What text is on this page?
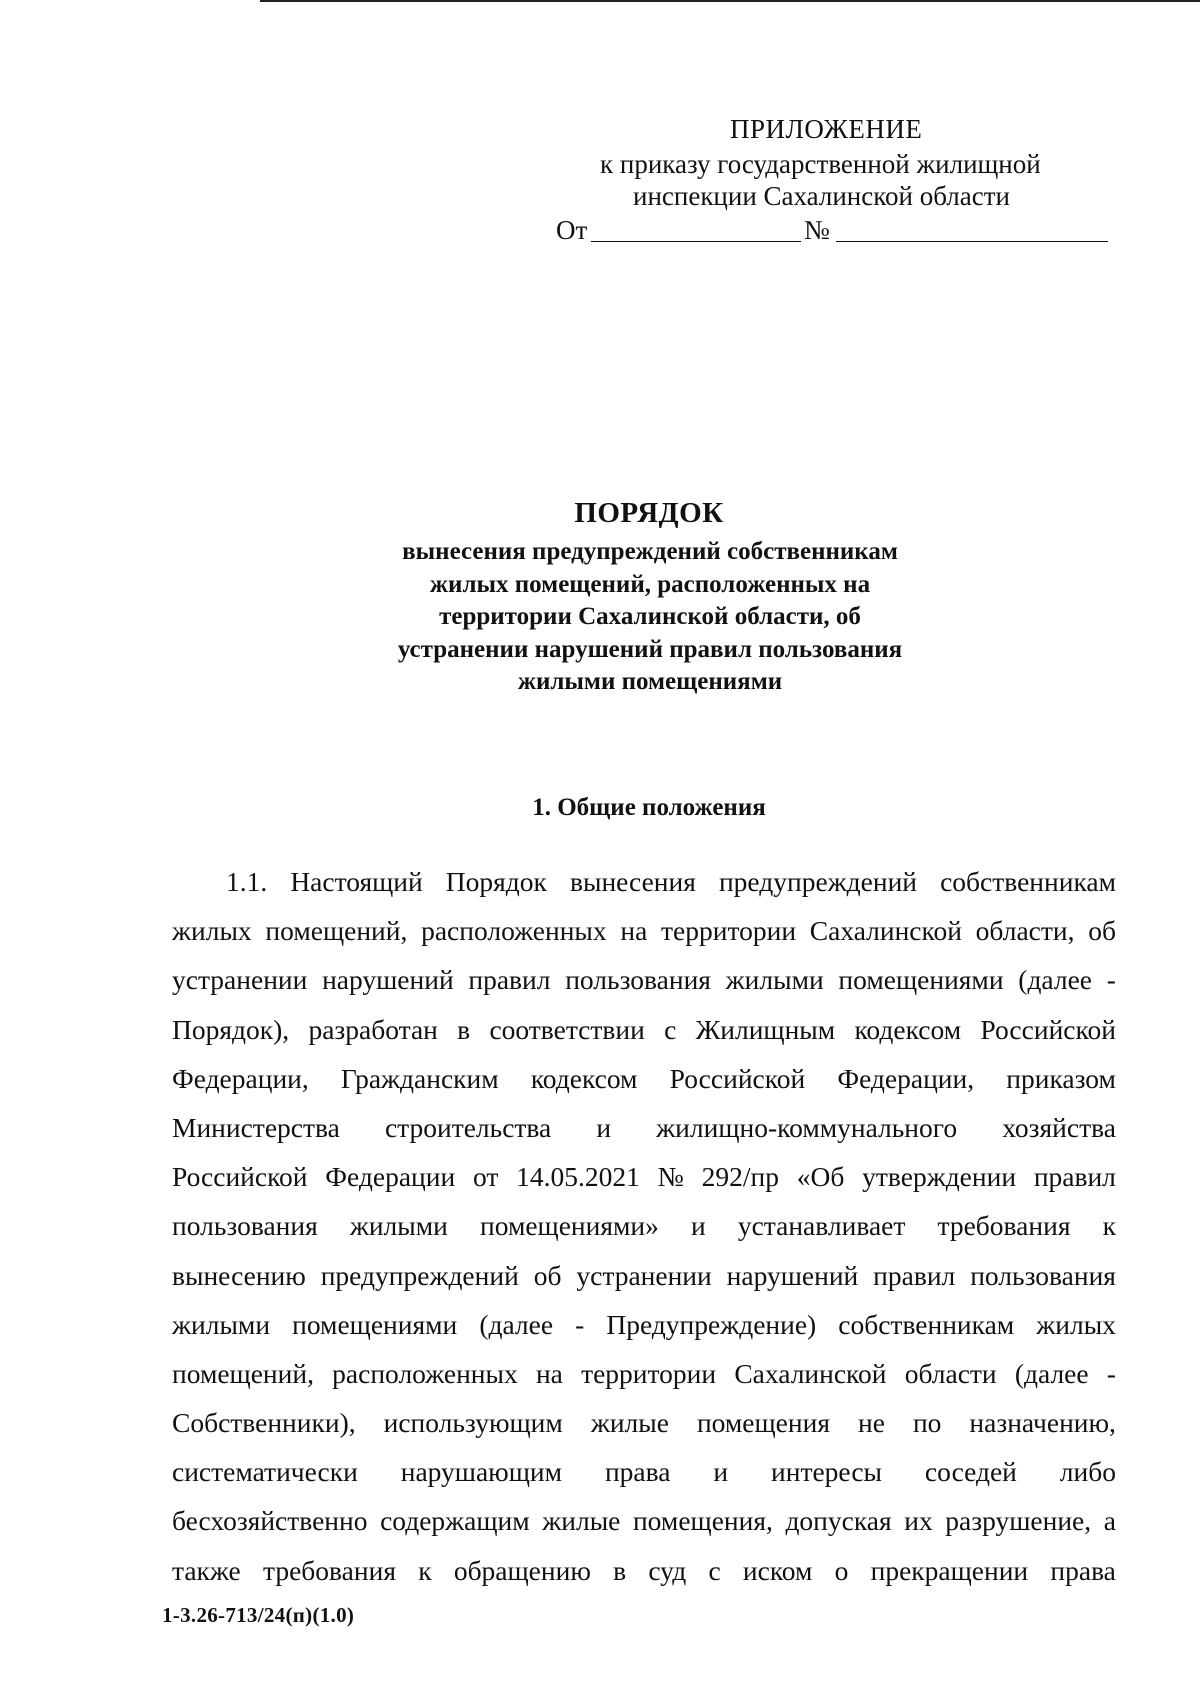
ПРИЛОЖЕНИЕ
к приказу государственной жилищной
инспекции Сахалинской области
От	№
ПОРЯДОК
вынесения предупреждений собственникам
жилых помещений, расположенных на
территории Сахалинской области, об
устранении нарушений правил пользования
жилыми помещениями
1. Общие положения
1.1. Настоящий Порядок вынесения предупреждений собственникам
жилых помещений, расположенных на территории Сахалинской области, об
устранении нарушений правил пользования жилыми помещениями (далее -
Порядок), разработан в соответствии с Жилищным кодексом Российской
Федерации, Гражданским кодексом Российской Федерации, приказом
Министерства строительства и жилищно-коммунального хозяйства
Российской Федерации от 14.05.2021 № 292/пр «Об утверждении правил
пользования жилыми помещениями» и устанавливает требования к
вынесению предупреждений об устранении нарушений правил пользования
жилыми помещениями (далее - Предупреждение) собственникам жилых
помещений, расположенных на территории Сахалинской области (далее -
Собственники), использующим жилые помещения не по назначению,
систематически нарушающим права и интересы соседей либо
бесхозяйственно содержащим жилые помещения, допуская их разрушение, а
также требования к обращению в суд с иском о прекращении права
1-3.26-713/24(п)(1.0)
